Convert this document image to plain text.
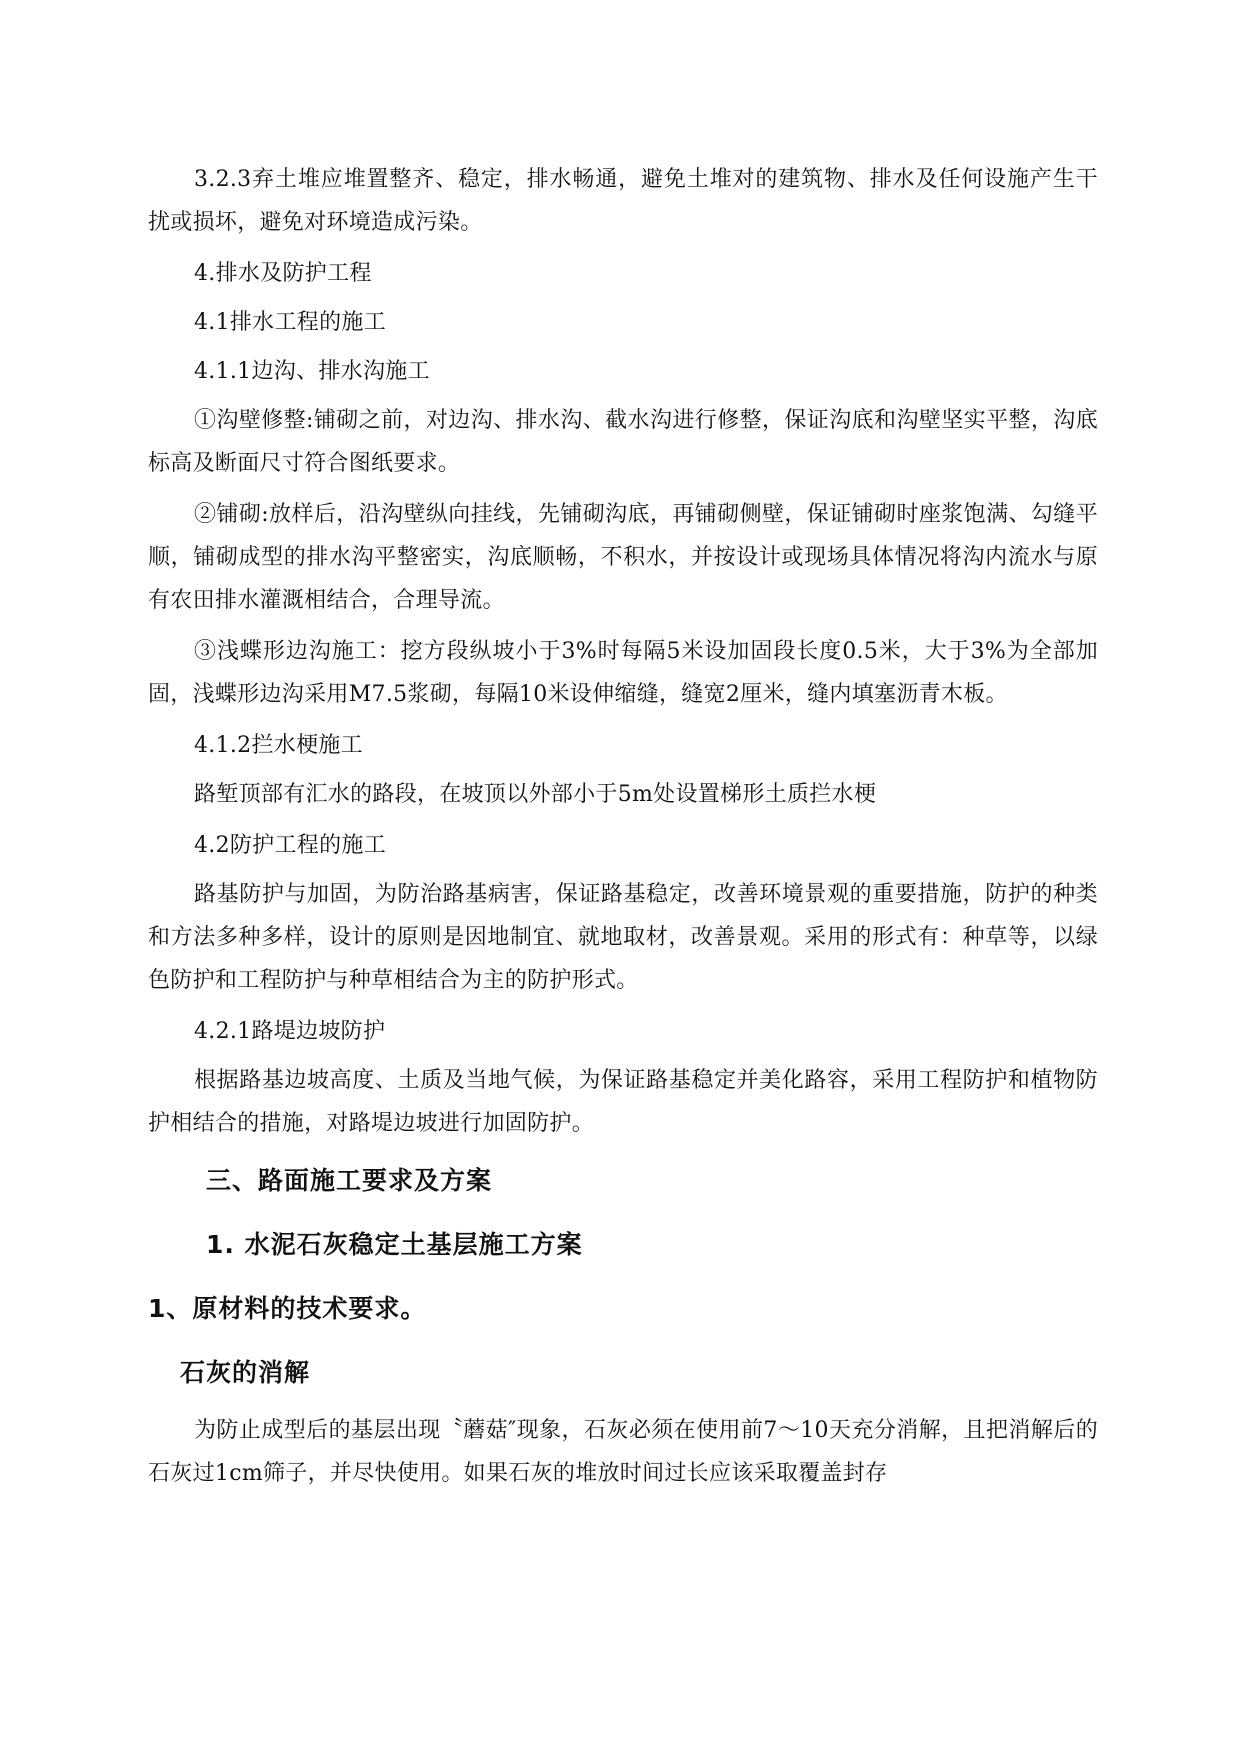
3.2.3弃土堆应堆置整齐、稳定，排水畅通，避免土堆对的建筑物、排水及任何设施产生干扰或损坏，避免对环境造成污染。

4.排水及防护工程

4.1排水工程的施工

4.1.1边沟、排水沟施工

①沟壁修整:铺砌之前，对边沟、排水沟、截水沟进行修整，保证沟底和沟壁坚实平整，沟底标高及断面尺寸符合图纸要求。

②铺砌:放样后，沿沟壁纵向挂线，先铺砌沟底，再铺砌侧壁，保证铺砌时座浆饱满、勾缝平顺，铺砌成型的排水沟平整密实，沟底顺畅，不积水，并按设计或现场具体情况将沟内流水与原有农田排水灌溉相结合，合理导流。

③浅蝶形边沟施工：挖方段纵坡小于3%时每隔5米设加固段长度0.5米，大于3%为全部加固，浅蝶形边沟采用M7.5浆砌，每隔10米设伸缩缝，缝宽2厘米，缝内填塞沥青木板。

4.1.2拦水梗施工

路堑顶部有汇水的路段，在坡顶以外部小于5m处设置梯形土质拦水梗

4.2防护工程的施工

路基防护与加固，为防治路基病害，保证路基稳定，改善环境景观的重要措施，防护的种类和方法多种多样，设计的原则是因地制宜、就地取材，改善景观。采用的形式有：种草等，以绿色防护和工程防护与种草相结合为主的防护形式。

4.2.1路堤边坡防护

根据路基边坡高度、土质及当地气候，为保证路基稳定并美化路容，采用工程防护和植物防护相结合的措施，对路堤边坡进行加固防护。

三、路面施工要求及方案
1. 水泥石灰稳定土基层施工方案
1、原材料的技术要求。
石灰的消解

为防止成型后的基层出现〝蘑菇″现象，石灰必须在使用前7～10天充分消解，且把消解后的石灰过1cm筛子，并尽快使用。如果石灰的堆放时间过长应该采取覆盖封存
